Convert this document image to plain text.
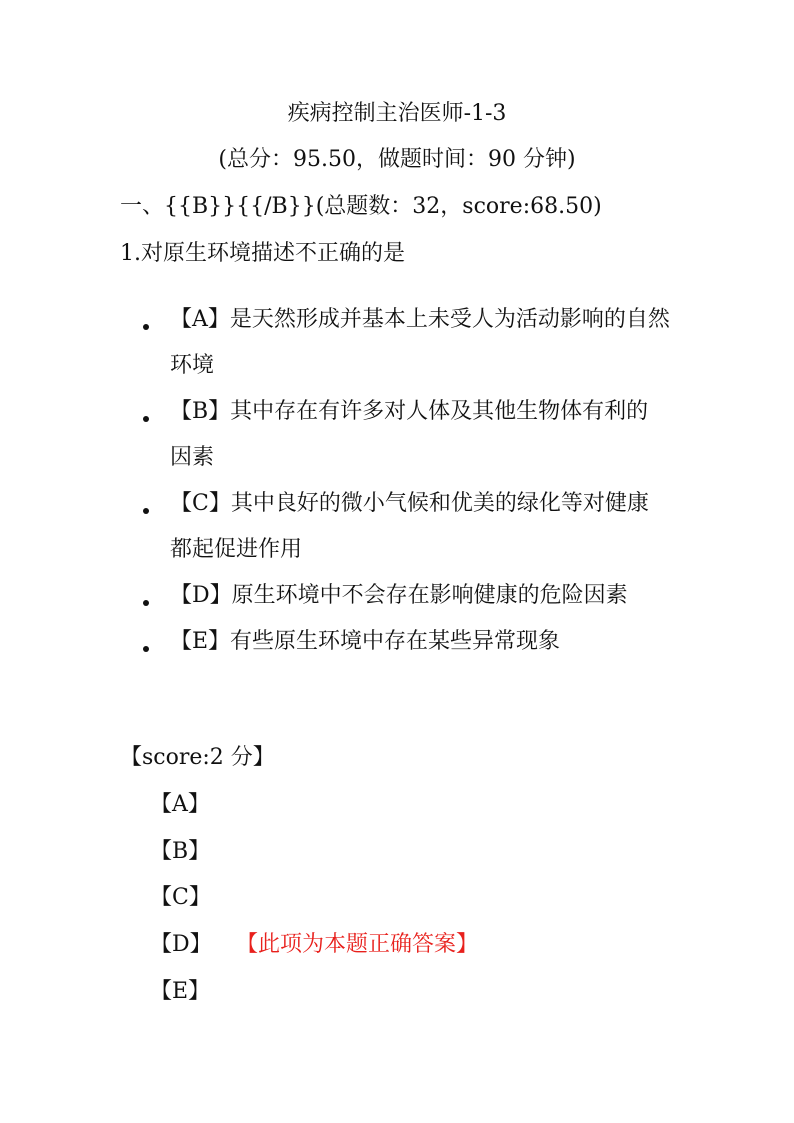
疾病控制主治医师-1-3
(总分：95.50，做题时间：90 分钟)
一、{{B}}{{/B}}(总题数：32，score:68.50)
1.对原生环境描述不正确的是
【A】是天然形成并基本上未受人为活动影响的自然环境
【B】其中存在有许多对人体及其他生物体有利的因素
【C】其中良好的微小气候和优美的绿化等对健康都起促进作用
【D】原生环境中不会存在影响健康的危险因素
【E】有些原生环境中存在某些异常现象
【score:2 分】
【A】
【B】
【C】
【D】 【此项为本题正确答案】
【E】
